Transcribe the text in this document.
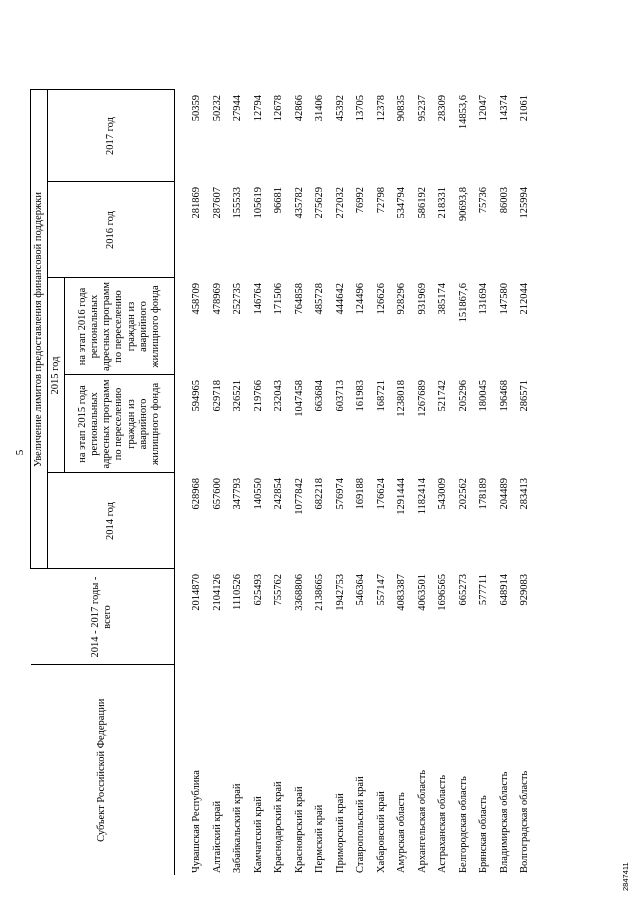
5
Субъект Российской Федерации	2014 - 2017 годы - всего	Увеличение лимитов предоставления финансовой поддержки				
		2014 год	2015 год		2016 год	2017 год
			на этап 2015 года региональных адресных программ по переселению граждан из аварийного жилищного фонда	на этап 2016 года региональных адресных программ по переселению граждан из аварийного жилищного фонда		
Чувашская Республика	2014870	628968	594965	458709	281869	50359
Алтайский край	2104126	657600	629718	478969	287607	50232
Забайкальский край	1110526	347793	326521	252735	155533	27944
Камчатский край	625493	140550	219766	146764	105619	12794
Краснодарский край	755762	242854	232043	171506	96681	12678
Красноярский край	3368806	1077842	1047458	764858	435782	42866
Пермский край	2138665	682218	663684	485728	275629	31406
Приморский край	1942753	576974	603713	444642	272032	45392
Ставропольский край	546364	169188	161983	124496	76992	13705
Хабаровский край	557147	176624	168721	126626	72798	12378
Амурская область	4083387	1291444	1238018	928296	534794	90835
Архангельская область	4063501	1182414	1267689	931969	586192	95237
Астраханская область	1696565	543009	521742	385174	218331	28309
Белгородская область	665273	202562	205296	151867,6	90693,8	14853,6
Брянская область	577711	178189	180045	131694	75736	12047
Владимирская область	648914	204489	196468	147580	86003	14374
Волгоградская область	929083	283413	286571	212044	125994	21061
2847411
